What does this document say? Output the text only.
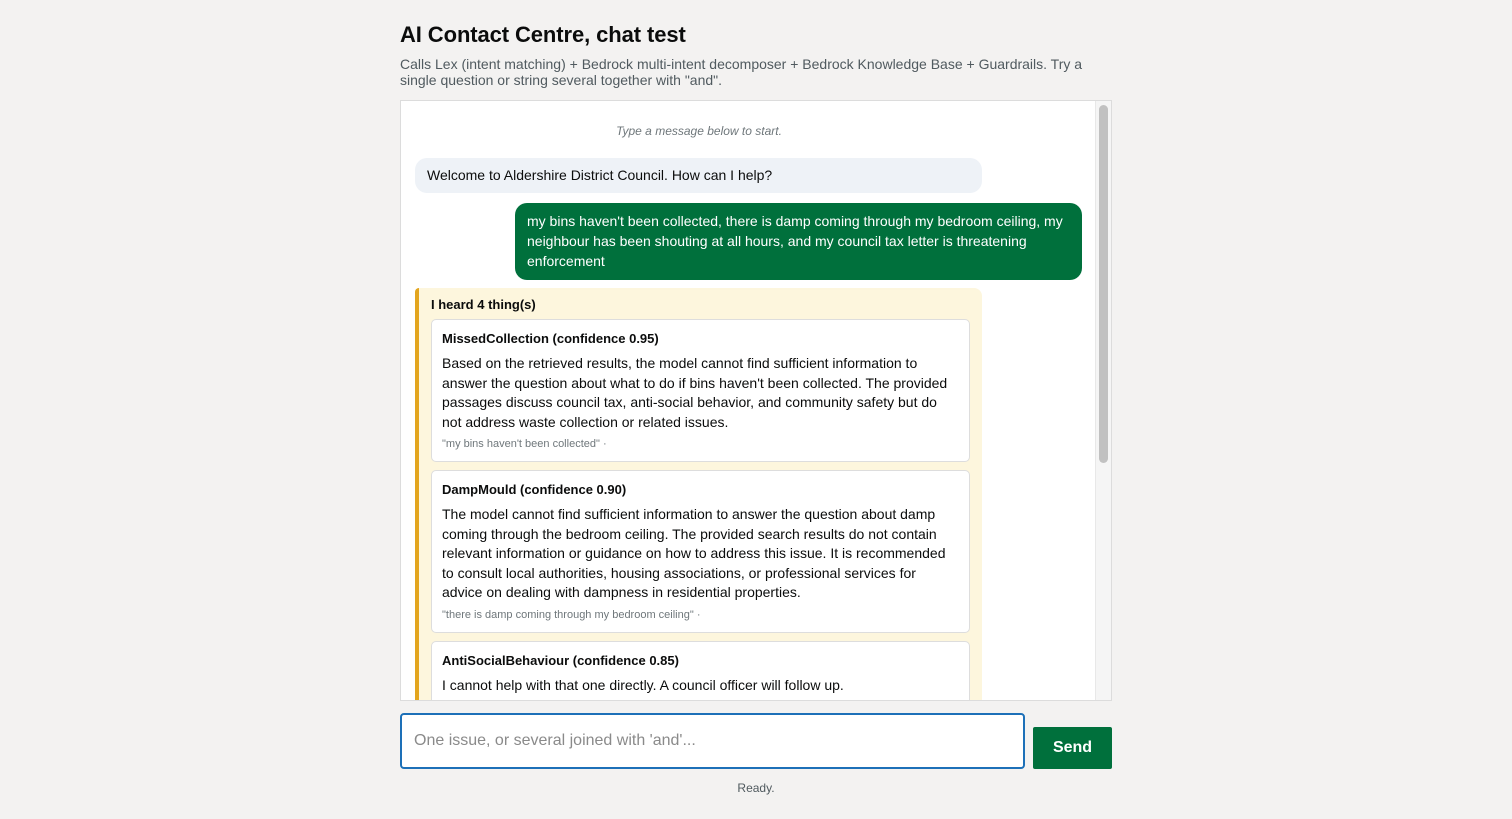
AI Contact Centre, chat test

Calls Lex (intent matching) + Bedrock multi-intent decomposer + Bedrock Knowledge Base + Guardrails. Try a single question or string several together with "and".

Type a message below to start.
Welcome to Aldershire District Council. How can I help?
my bins haven't been collected, there is damp coming through my bedroom ceiling, my neighbour has been shouting at all hours, and my council tax letter is threatening enforcement
I heard 4 thing(s)
MissedCollection (confidence 0.95)
Based on the retrieved results, the model cannot find sufficient information to answer the question about what to do if bins haven't been collected. The provided passages discuss council tax, anti-social behavior, and community safety but do not address waste collection or related issues.
"my bins haven't been collected" ·
DampMould (confidence 0.90)
The model cannot find sufficient information to answer the question about damp coming through the bedroom ceiling. The provided search results do not contain relevant information or guidance on how to address this issue. It is recommended to consult local authorities, housing associations, or professional services for advice on dealing with dampness in residential properties.
"there is damp coming through my bedroom ceiling" ·
AntiSocialBehaviour (confidence 0.85)
I cannot help with that one directly. A council officer will follow up.
One issue, or several joined with 'and'...
Send
Ready.
